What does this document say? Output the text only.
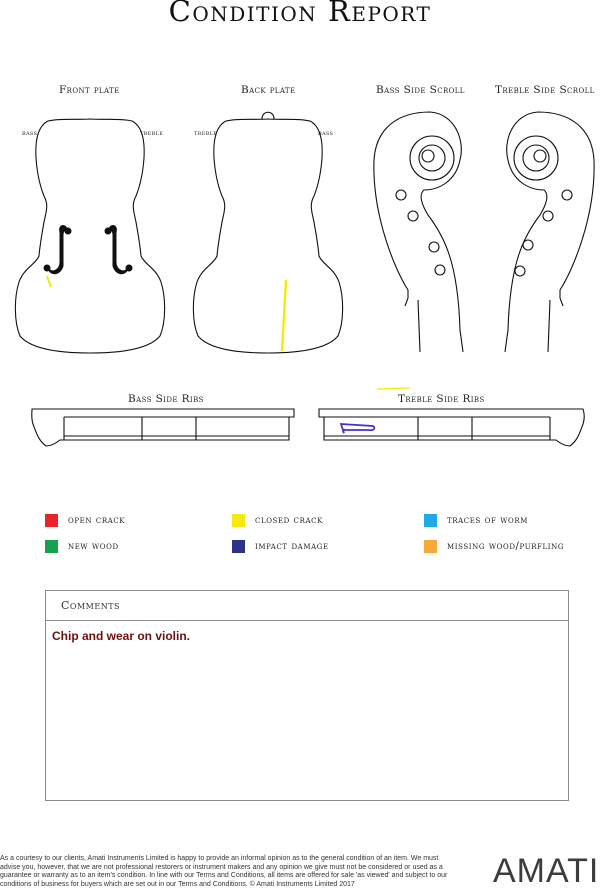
Condition Report
Front plate	Back plate	Bass Side Scroll	Treble Side Scroll
bass	treble	treble	bass
Bass Side Ribs	Treble Side Ribs
open crack	closed crack	traces of worm
new wood	impact damage	missing wood/purfling
Comments
Chip and wear on violin.
As a courtesy to our clients, Amati Instruments Limited is happy to provide an informal opinion as to the general condition of an item. We must advise you, however, that we are not professional restorers or instrument makers and any opinion we give must not be considered or used as a guarantee or warranty as to an item's condition. In line with our Terms and Conditions, all items are offered for sale 'as viewed' and subject to our conditions of business for buyers which are set out in our Terms and Conditions. © Amati Instruments Limited 2017	AMATI
